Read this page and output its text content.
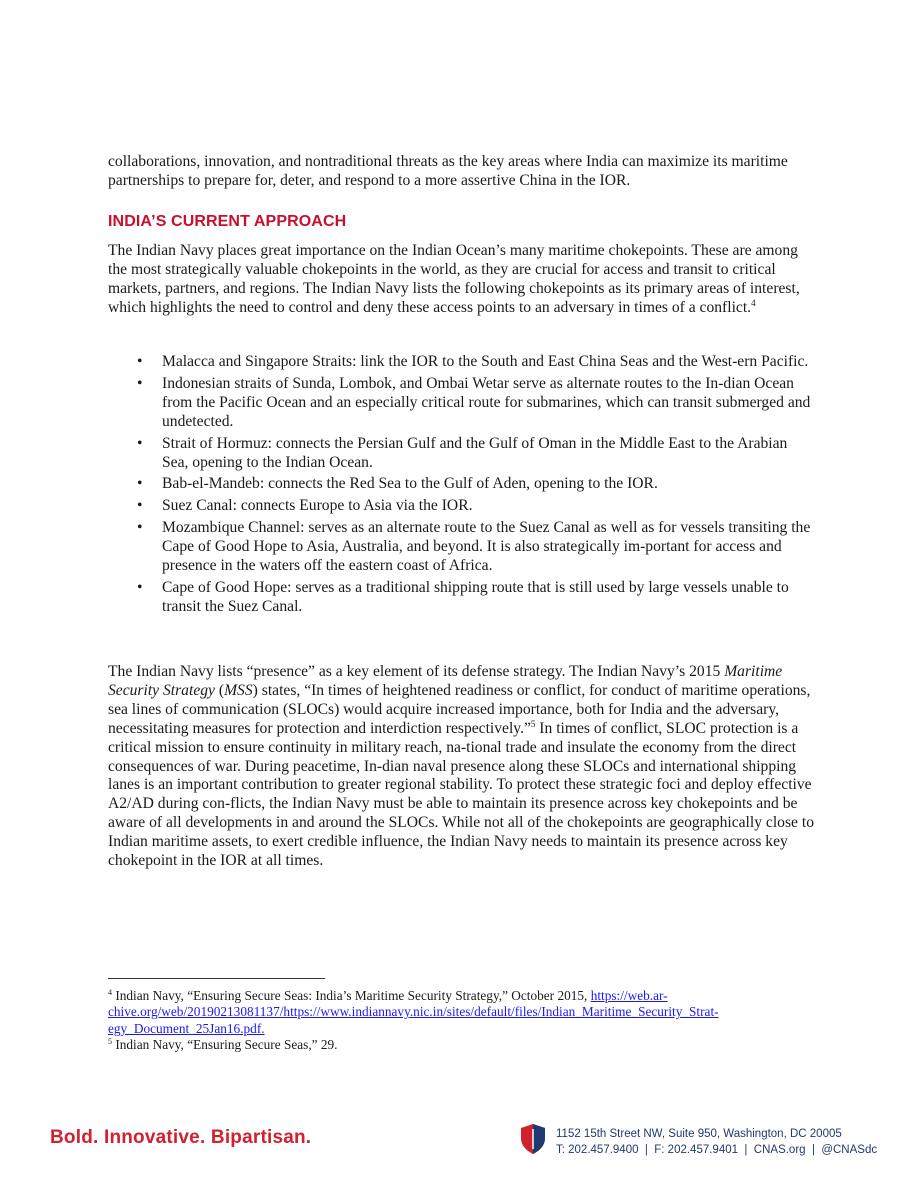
collaborations, innovation, and nontraditional threats as the key areas where India can maximize its maritime partnerships to prepare for, deter, and respond to a more assertive China in the IOR.

INDIA’S CURRENT APPROACH

The Indian Navy places great importance on the Indian Ocean’s many maritime chokepoints. These are among the most strategically valuable chokepoints in the world, as they are crucial for access and transit to critical markets, partners, and regions. The Indian Navy lists the following chokepoints as its primary areas of interest, which highlights the need to control and deny these access points to an adversary in times of a conflict.$^4$

• Malacca and Singapore Straits: link the IOR to the South and East China Seas and the West-ern Pacific.
• Indonesian straits of Sunda, Lombok, and Ombai Wetar serve as alternate routes to the In-dian Ocean from the Pacific Ocean and an especially critical route for submarines, which can transit submerged and undetected.
• Strait of Hormuz: connects the Persian Gulf and the Gulf of Oman in the Middle East to the Arabian Sea, opening to the Indian Ocean.
• Bab-el-Mandeb: connects the Red Sea to the Gulf of Aden, opening to the IOR.
• Suez Canal: connects Europe to Asia via the IOR.
• Mozambique Channel: serves as an alternate route to the Suez Canal as well as for vessels transiting the Cape of Good Hope to Asia, Australia, and beyond. It is also strategically im-portant for access and presence in the waters off the eastern coast of Africa.
• Cape of Good Hope: serves as a traditional shipping route that is still used by large vessels unable to transit the Suez Canal.

The Indian Navy lists “presence” as a key element of its defense strategy. The Indian Navy’s 2015 Maritime Security Strategy (MSS) states, “In times of heightened readiness or conflict, for conduct of maritime operations, sea lines of communication (SLOCs) would acquire increased importance, both for India and the adversary, necessitating measures for protection and interdiction respectively.”$^5$ In times of conflict, SLOC protection is a critical mission to ensure continuity in military reach, na-tional trade and insulate the economy from the direct consequences of war. During peacetime, In-dian naval presence along these SLOCs and international shipping lanes is an important contribution to greater regional stability. To protect these strategic foci and deploy effective A2/AD during con-flicts, the Indian Navy must be able to maintain its presence across key chokepoints and be aware of all developments in and around the SLOCs. While not all of the chokepoints are geographically close to Indian maritime assets, to exert credible influence, the Indian Navy needs to maintain its presence across key chokepoint in the IOR at all times.

$^4$ Indian Navy, “Ensuring Secure Seas: India’s Maritime Security Strategy,” October 2015, https://web.ar-chive.org/web/20190213081137/https://www.indiannavy.nic.in/sites/default/files/Indian_Maritime_Security_Strat-egy_Document_25Jan16.pdf.

$^5$ Indian Navy, “Ensuring Secure Seas,” 29.

Bold. Innovative. Bipartisan.	1152 15th Street NW, Suite 950, Washington, DC 20005

T: 202.457.9400  |  F: 202.457.9401  |  CNAS.org  |  @CNASdc
